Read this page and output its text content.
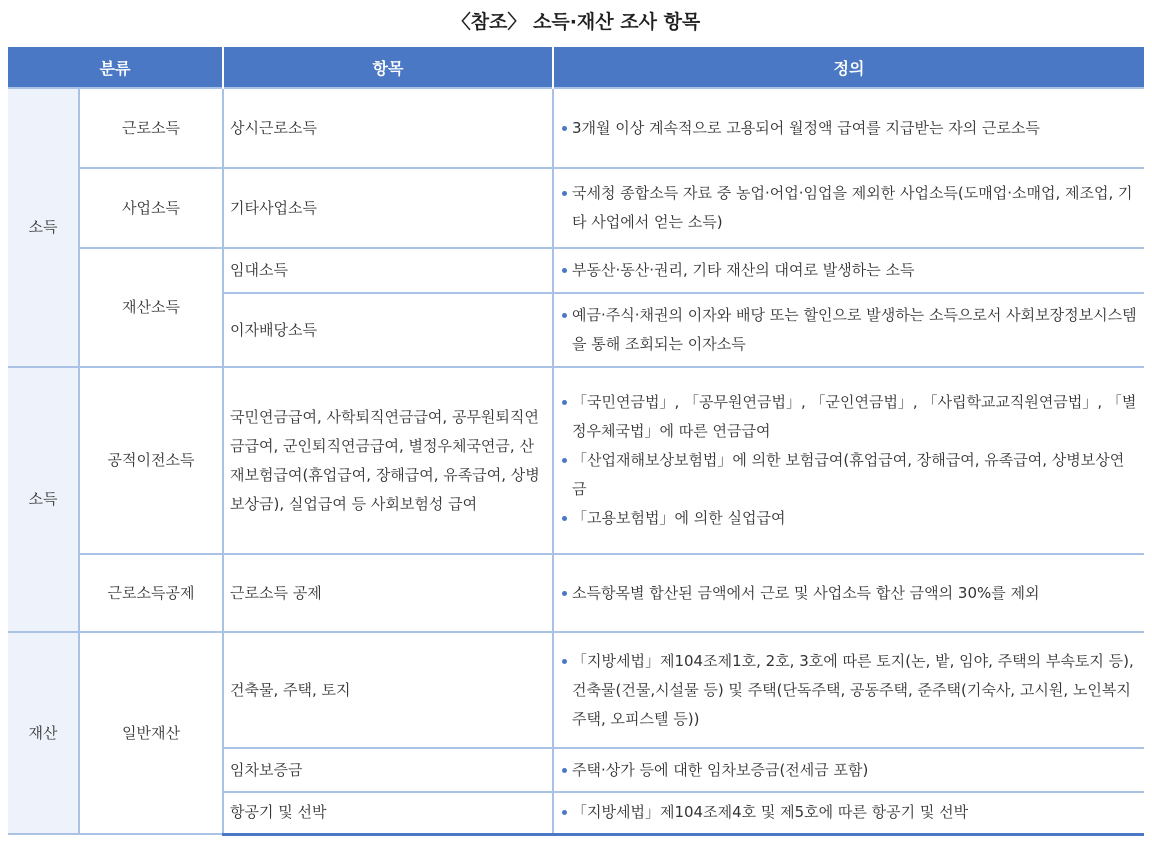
〈참조〉 소득·재산 조사 항목
분류		항목	정의
소득	근로소득	상시근로소득	3개월 이상 계속적으로 고용되어 월정액 급여를 지급받는 자의 근로소득

	사업소득	기타사업소득	국세청 종합소득 자료 중 농업·어업·임업을 제외한 사업소득(도매업·소매업, 제조업, 기타 사업에서 얻는 소득)

	재산소득	임대소득	부동산·동산·권리, 기타 재산의 대여로 발생하는 소득

		이자배당소득	예금·주식·채권의 이자와 배당 또는 할인으로 발생하는 소득으로서 사회보장정보시스템을 통해 조회되는 이자소득

소득	공적이전소득	국민연금급여, 사학퇴직연금급여, 공무원퇴직연금급여, 군인퇴직연금급여, 별정우체국연금, 산재보험급여(휴업급여, 장해급여, 유족급여, 상병보상금), 실업급여 등 사회보험성 급여	「국민연금법」, 「공무원연금법」, 「군인연금법」, 「사립학교교직원연금법」, 「별정우체국법」에 따른 연금급여
「산업재해보상보험법」에 의한 보험급여(휴업급여, 장해급여, 유족급여, 상병보상연금
「고용보험법」에 의한 실업급여

	근로소득공제	근로소득 공제	소득항목별 합산된 금액에서 근로 및 사업소득 합산 금액의 30%를 제외

재산	일반재산	건축물, 주택, 토지	「지방세법」제104조제1호, 2호, 3호에 따른 토지(논, 밭, 임야, 주택의 부속토지 등), 건축물(건물,시설물 등) 및 주택(단독주택, 공동주택, 준주택(기숙사, 고시원, 노인복지주택, 오피스텔 등))

		임차보증금	주택·상가 등에 대한 임차보증금(전세금 포함)

		항공기 및 선박	「지방세법」제104조제4호 및 제5호에 따른 항공기 및 선박
